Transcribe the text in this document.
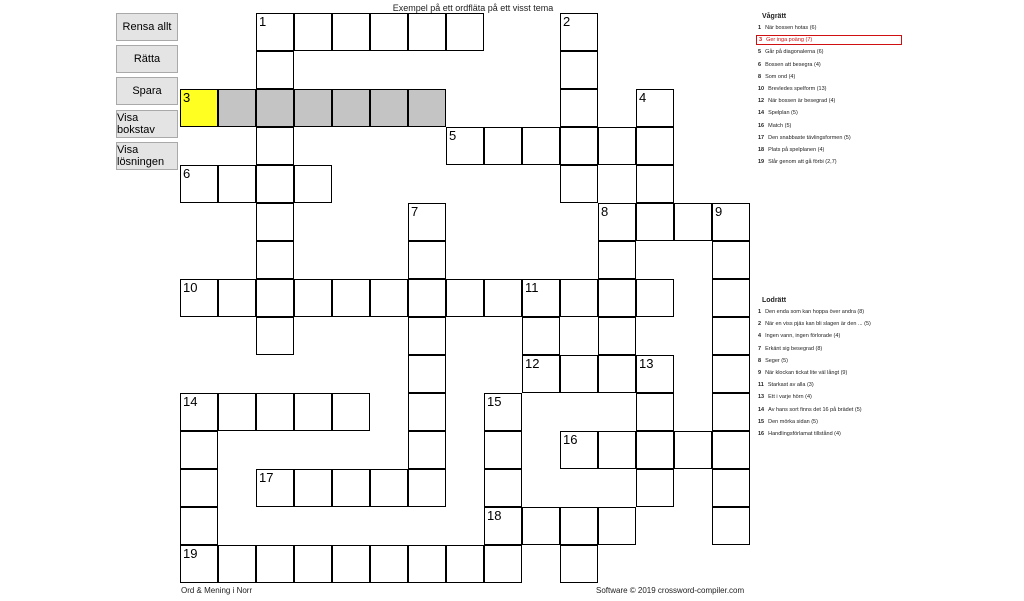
Exempel på ett ordfläta på ett visst tema
Rensa allt
Rätta
Spara
Visa bokstav
Visa lösningen
1	2
3	4
5
6
7	8	9
10	11
12	13
14	15
16
17
18
19
Vågrätt
1 När bossen hotas (6)
3 Ger inga poäng (7)
5 Går på diagonalerna (6)
6 Bossen att besegra (4)
8 Som ond (4)
10 Brevledes spelform (13)
12 När bossen är besegrad (4)
14 Spelplan (5)
16 Match (5)
17 Den snabbaste tävlingsformen (5)
18 Plats på spelplanen (4)
19 Slår genom att gå förbi (2,7)
Lodrätt
1 Den enda som kan hoppa över andra (8)
2 När en viss pjäs kan bli slagen är den ... (5)
4 Ingen vann, ingen förlorade (4)
7 Erkänt sig besegrad (8)
8 Seger (5)
9 När klockan tickat lite väl långt (9)
11 Starkast av alla (3)
13 Ett i varje hörn (4)
14 Av hans sort finns det 16 på brädet (5)
15 Den mörka sidan (5)
16 Handlingsförlamat tillstånd (4)
Ord & Mening i Norr	Software © 2019 crossword-compiler.com
